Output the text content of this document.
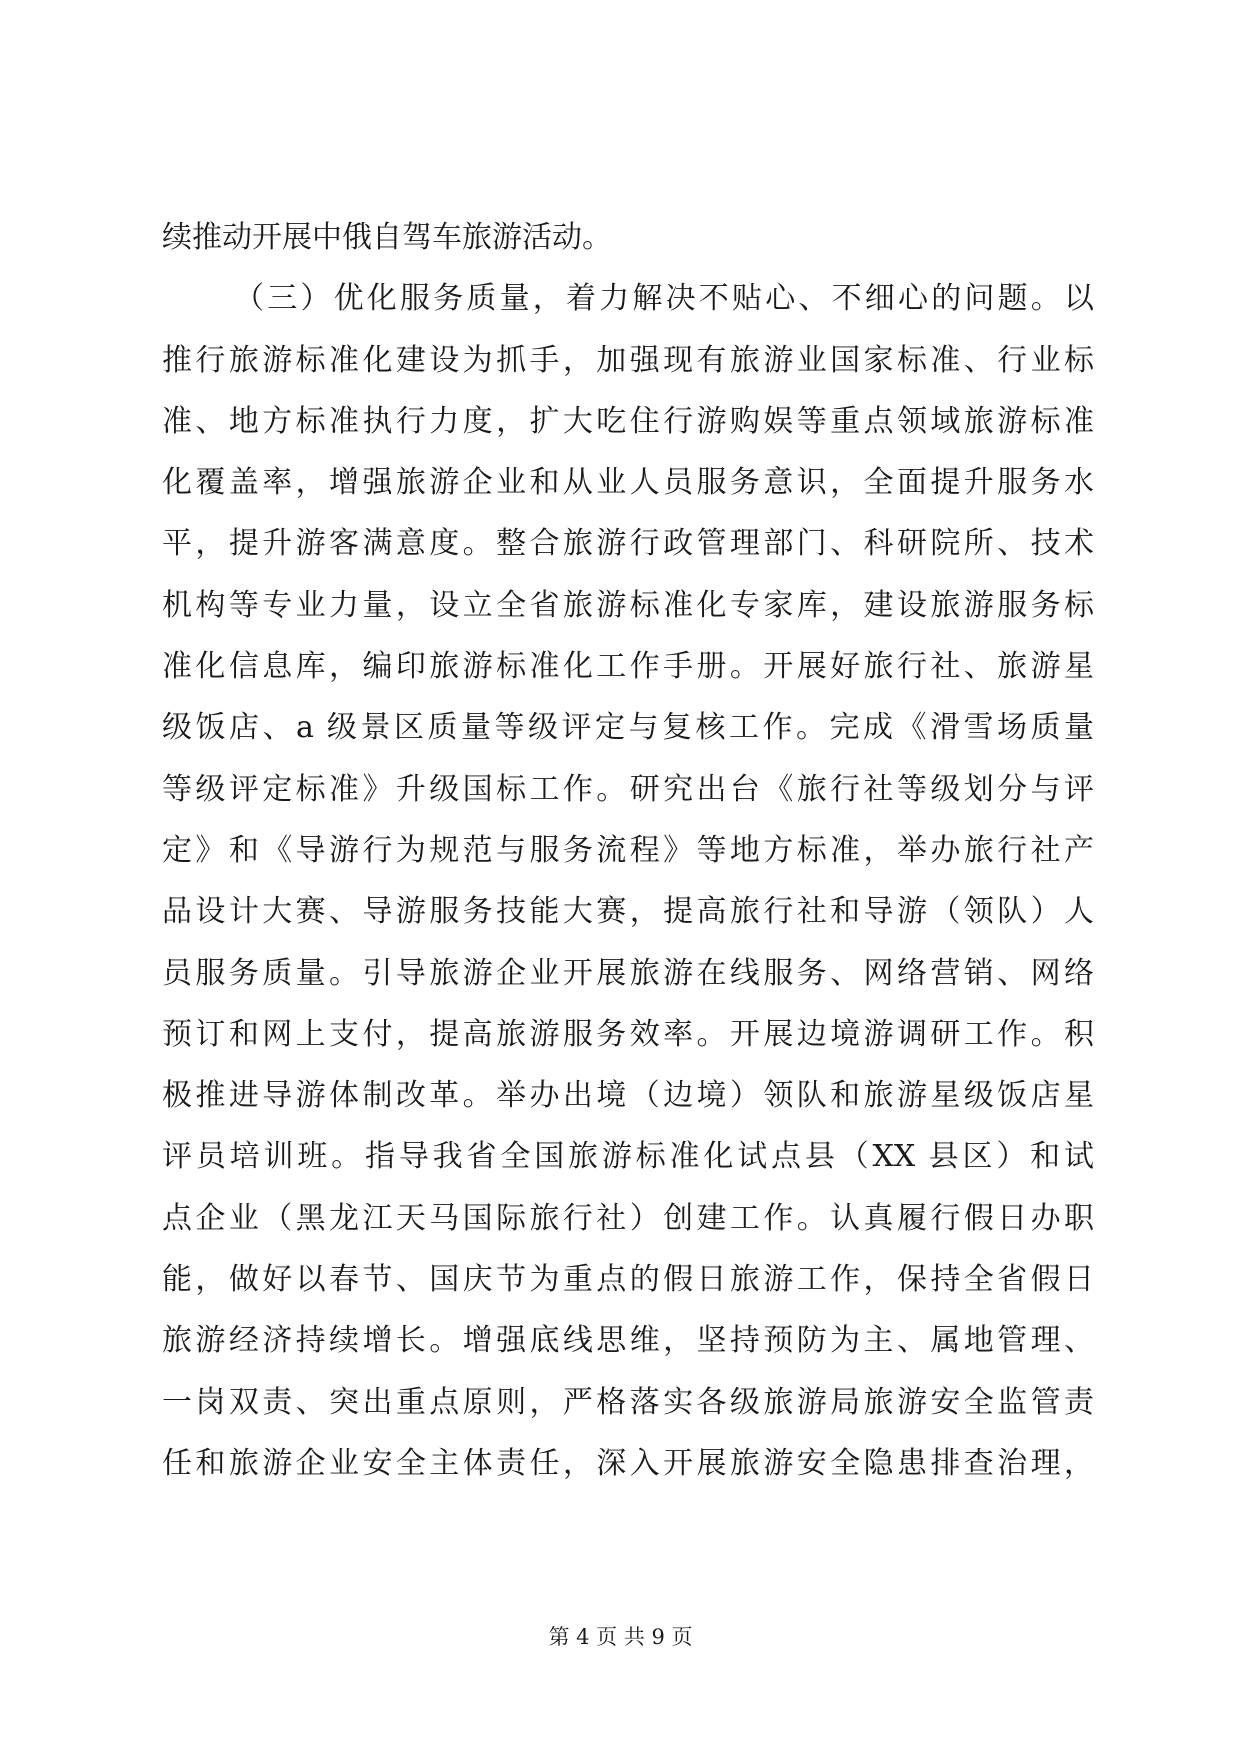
续推动开展中俄自驾车旅游活动。
（三）优化服务质量，着力解决不贴心、不细心的问题。以
推行旅游标准化建设为抓手，加强现有旅游业国家标准、行业标
准、地方标准执行力度，扩大吃住行游购娱等重点领域旅游标准
化覆盖率，增强旅游企业和从业人员服务意识，全面提升服务水
平，提升游客满意度。整合旅游行政管理部门、科研院所、技术
机构等专业力量，设立全省旅游标准化专家库，建设旅游服务标
准化信息库，编印旅游标准化工作手册。开展好旅行社、旅游星
级饭店、a 级景区质量等级评定与复核工作。完成《滑雪场质量
等级评定标准》升级国标工作。研究出台《旅行社等级划分与评
定》和《导游行为规范与服务流程》等地方标准，举办旅行社产
品设计大赛、导游服务技能大赛，提高旅行社和导游（领队）人
员服务质量。引导旅游企业开展旅游在线服务、网络营销、网络
预订和网上支付，提高旅游服务效率。开展边境游调研工作。积
极推进导游体制改革。举办出境（边境）领队和旅游星级饭店星
评员培训班。指导我省全国旅游标准化试点县（XX 县区）和试
点企业（黑龙江天马国际旅行社）创建工作。认真履行假日办职
能，做好以春节、国庆节为重点的假日旅游工作，保持全省假日
旅游经济持续增长。增强底线思维，坚持预防为主、属地管理、
一岗双责、突出重点原则，严格落实各级旅游局旅游安全监管责
任和旅游企业安全主体责任，深入开展旅游安全隐患排查治理，
第 4 页 共 9 页
